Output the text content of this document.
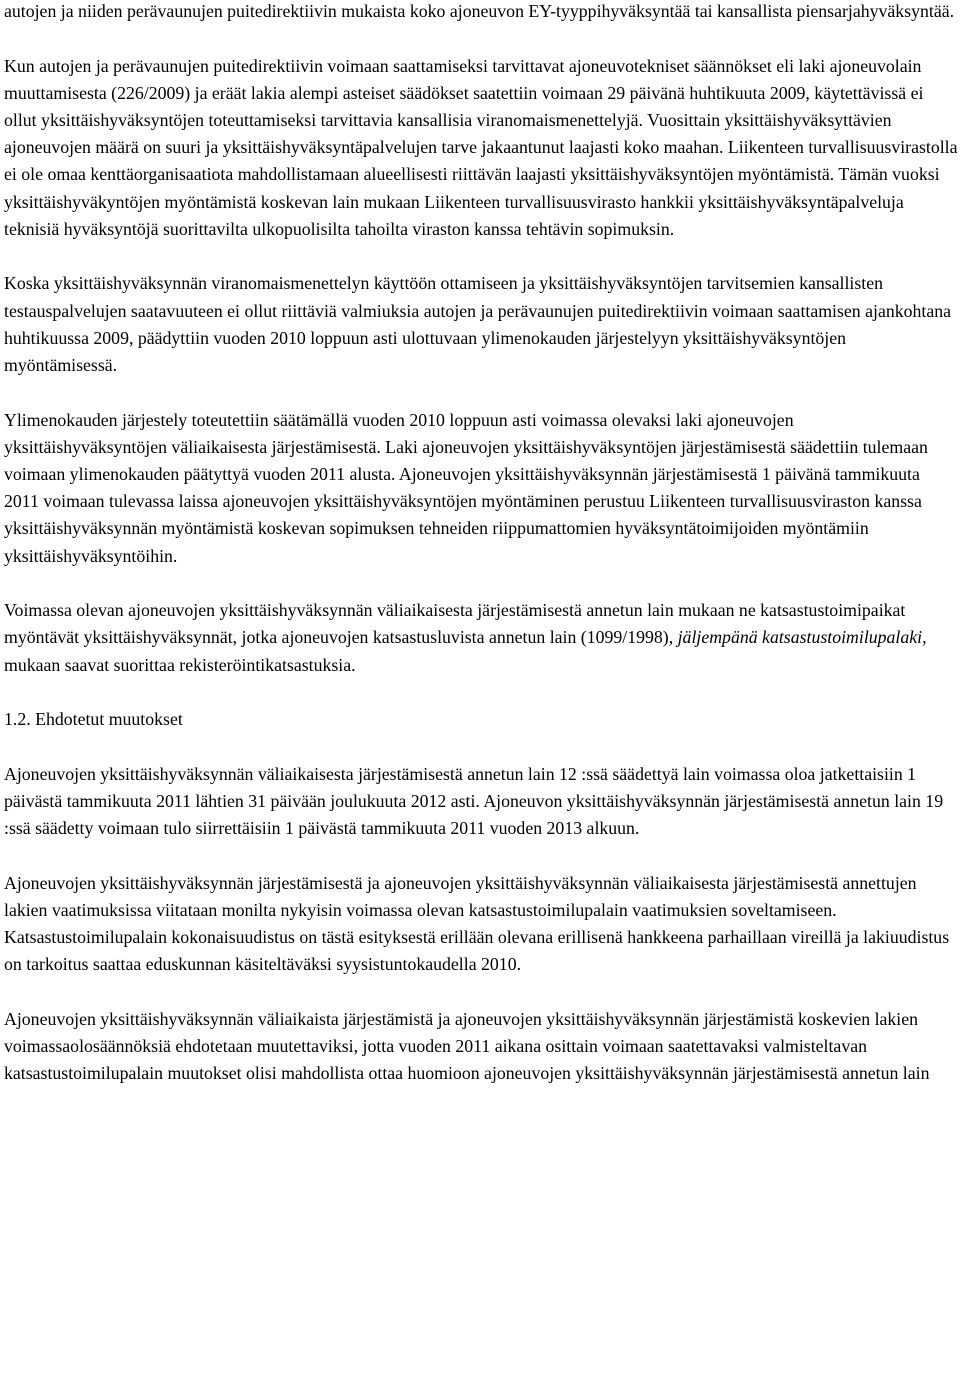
autojen ja niiden perävaunujen puitedirektiivin mukaista koko ajoneuvon EY-tyyppihyväksyntää tai kansallista piensarjahyväksyntää.

Kun autojen ja perävaunujen puitedirektiivin voimaan saattamiseksi tarvittavat ajoneuvotekniset säännökset eli laki ajoneuvolain muuttamisesta (226/2009) ja eräät lakia alempi asteiset säädökset saatettiin voimaan 29 päivänä huhtikuuta 2009, käytettävissä ei ollut yksittäishyväksyntöjen toteuttamiseksi tarvittavia kansallisia viranomaismenettelyjä. Vuosittain yksittäishyväksyttävien ajoneuvojen määrä on suuri ja yksittäishyväksyntäpalvelujen tarve jakaantunut laajasti koko maahan. Liikenteen turvallisuusvirastolla ei ole omaa kenttäorganisaatiota mahdollistamaan alueellisesti riittävän laajasti yksittäishyväksyntöjen myöntämistä. Tämän vuoksi yksittäishyväkyntöjen myöntämistä koskevan lain mukaan Liikenteen turvallisuusvirasto hankkii yksittäishyväksyntäpalveluja teknisiä hyväksyntöjä suorittavilta ulkopuolisilta tahoilta viraston kanssa tehtävin sopimuksin.

Koska yksittäishyväksynnän viranomaismenettelyn käyttöön ottamiseen ja yksittäishyväksyntöjen tarvitsemien kansallisten testauspalvelujen saatavuuteen ei ollut riittäviä valmiuksia autojen ja perävaunujen puitedirektiivin voimaan saattamisen ajankohtana huhtikuussa 2009, päädyttiin vuoden 2010 loppuun asti ulottuvaan ylimenokauden järjestelyyn yksittäishyväksyntöjen myöntämisessä.

Ylimenokauden järjestely toteutettiin säätämällä vuoden 2010 loppuun asti voimassa olevaksi laki ajoneuvojen yksittäishyväksyntöjen väliaikaisesta järjestämisestä. Laki ajoneuvojen yksittäishyväksyntöjen järjestämisestä säädettiin tulemaan voimaan ylimenokauden päätyttyä vuoden 2011 alusta. Ajoneuvojen yksittäishyväksynnän järjestämisestä 1 päivänä tammikuuta 2011 voimaan tulevassa laissa ajoneuvojen yksittäishyväksyntöjen myöntäminen perustuu Liikenteen turvallisuusviraston kanssa yksittäishyväksynnän myöntämistä koskevan sopimuksen tehneiden riippumattomien hyväksyntätoimijoiden myöntämiin yksittäishyväksyntöihin.

Voimassa olevan ajoneuvojen yksittäishyväksynnän väliaikaisesta järjestämisestä annetun lain mukaan ne katsastustoimipaikat myöntävät yksittäishyväksynnät, jotka ajoneuvojen katsastusluvista annetun lain (1099/1998), jäljempänä katsastustoimilupalaki, mukaan saavat suorittaa rekisteröintikatsastuksia.

1.2. Ehdotetut muutokset

Ajoneuvojen yksittäishyväksynnän väliaikaisesta järjestämisestä annetun lain 12 :ssä säädettyä lain voimassa oloa jatkettaisiin 1 päivästä tammikuuta 2011 lähtien 31 päivään joulukuuta 2012 asti. Ajoneuvon yksittäishyväksynnän järjestämisestä annetun lain 19 :ssä säädetty voimaan tulo siirrettäisiin 1 päivästä tammikuuta 2011 vuoden 2013 alkuun.

Ajoneuvojen yksittäishyväksynnän järjestämisestä ja ajoneuvojen yksittäishyväksynnän väliaikaisesta järjestämisestä annettujen lakien vaatimuksissa viitataan monilta nykyisin voimassa olevan katsastustoimilupalain vaatimuksien soveltamiseen. Katsastustoimilupalain kokonaisuudistus on tästä esityksestä erillään olevana erillisenä hankkeena parhaillaan vireillä ja lakiuudistus on tarkoitus saattaa eduskunnan käsiteltäväksi syysistuntokaudella 2010.

Ajoneuvojen yksittäishyväksynnän väliaikaista järjestämistä ja ajoneuvojen yksittäishyväksynnän järjestämistä koskevien lakien voimassaolosäännöksiä ehdotetaan muutettaviksi, jotta vuoden 2011 aikana osittain voimaan saatettavaksi valmisteltavan katsastustoimilupalain muutokset olisi mahdollista ottaa huomioon ajoneuvojen yksittäishyväksynnän järjestämisestä annetun lain
